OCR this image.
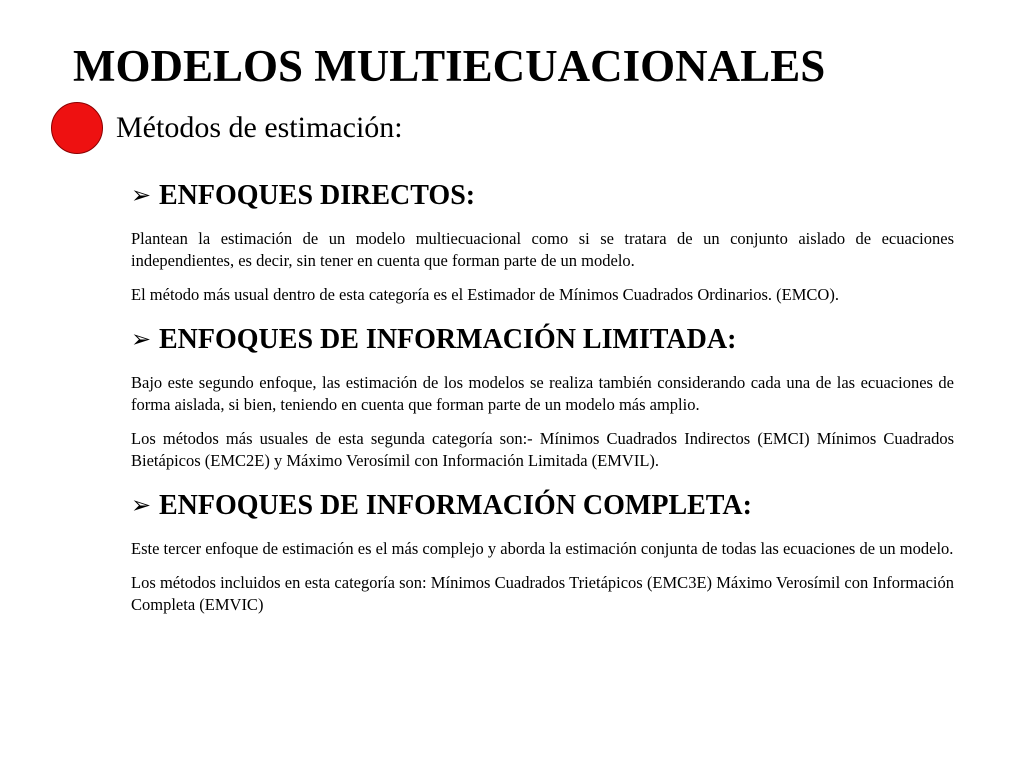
MODELOS MULTIECUACIONALES
Métodos de estimación:
➢ ENFOQUES DIRECTOS:

Plantean la estimación de un modelo multiecuacional como si se tratara de un conjunto aislado de ecuaciones independientes, es decir, sin tener en cuenta que forman parte de un modelo.

El método más usual dentro de esta categoría es el Estimador de Mínimos Cuadrados Ordinarios. (EMCO).

➢ ENFOQUES DE INFORMACIÓN LIMITADA:

Bajo este segundo enfoque, las estimación de los modelos se realiza también considerando cada una de las ecuaciones de forma aislada, si bien, teniendo en cuenta que forman parte de un modelo más amplio.

Los métodos más usuales de esta segunda categoría son:- Mínimos Cuadrados Indirectos (EMCI) Mínimos Cuadrados Bietápicos (EMC2E) y Máximo Verosímil con Información Limitada (EMVIL).

➢ ENFOQUES DE INFORMACIÓN COMPLETA:

Este tercer enfoque de estimación es el más complejo y aborda la estimación conjunta de todas las ecuaciones de un modelo.

Los métodos incluidos en esta categoría son: Mínimos Cuadrados Trietápicos (EMC3E) Máximo Verosímil con Información Completa (EMVIC)
